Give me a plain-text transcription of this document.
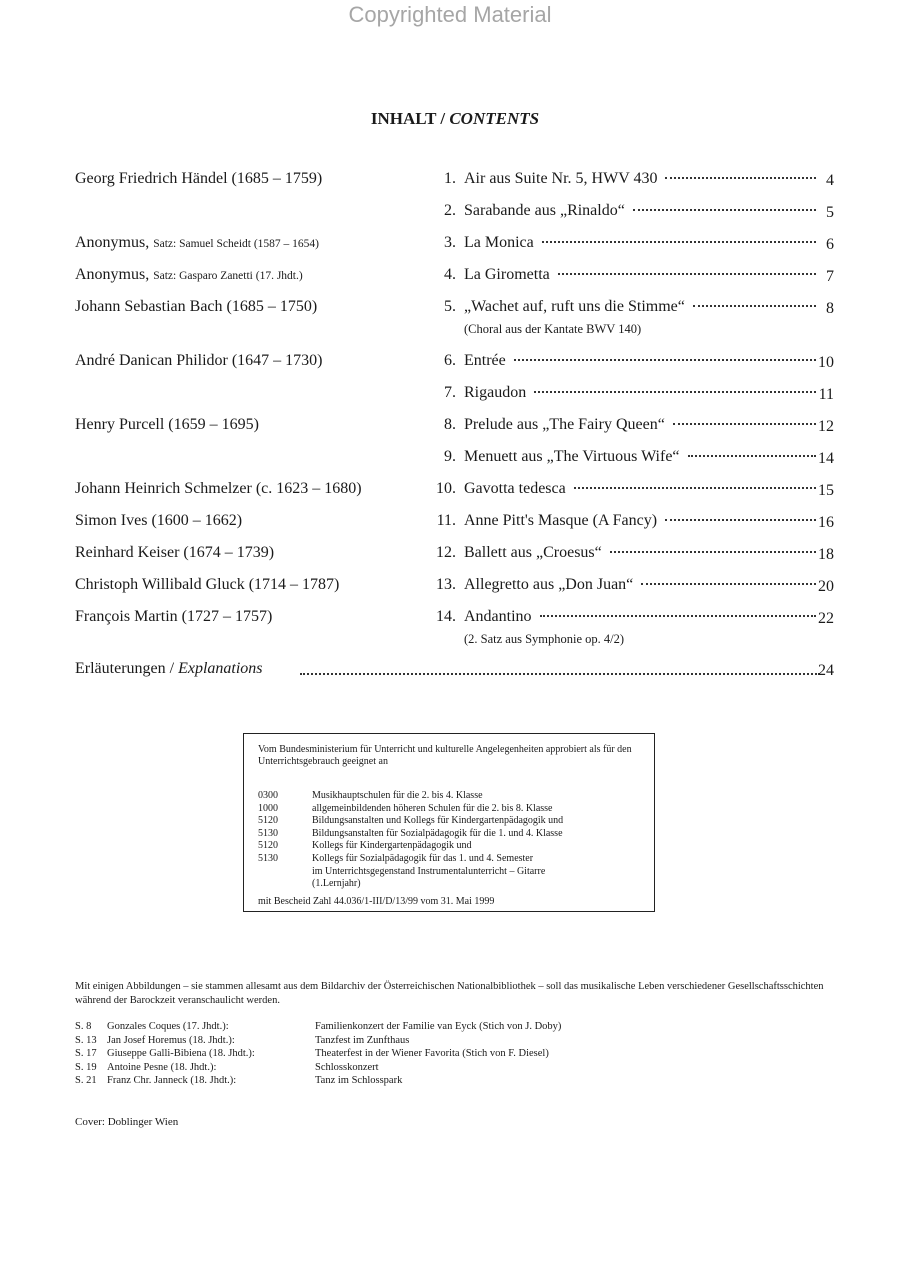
Copyrighted Material
INHALT / CONTENTS
Georg Friedrich Händel (1685 – 1759)	1. Air aus Suite Nr. 5, HWV 430	4
2. Sarabande aus „Rinaldo“	5
Anonymus, Satz: Samuel Scheidt (1587 – 1654)	3. La Monica	6
Anonymus, Satz: Gasparo Zanetti (17. Jhdt.)	4. La Girometta	7
Johann Sebastian Bach (1685 – 1750)	5. „Wachet auf, ruft uns die Stimme“	8
(Choral aus der Kantate BWV 140)
André Danican Philidor (1647 – 1730)	6. Entrée	10
7. Rigaudon	11
Henry Purcell (1659 – 1695)	8. Prelude aus „The Fairy Queen“	12
9. Menuett aus „The Virtuous Wife“	14
Johann Heinrich Schmelzer (c. 1623 – 1680)	10. Gavotta tedesca	15
Simon Ives (1600 – 1662)	11. Anne Pitt's Masque (A Fancy)	16
Reinhard Keiser (1674 – 1739)	12. Ballett aus „Croesus“	18
Christoph Willibald Gluck (1714 – 1787)	13. Allegretto aus „Don Juan“	20
François Martin (1727 – 1757)	14. Andantino	22
(2. Satz aus Symphonie op. 4/2)
Erläuterungen / Explanations	24
Vom Bundesministerium für Unterricht und kulturelle Angelegenheiten approbiert als für den Unterrichtsgebrauch geeignet an
0300	Musikhauptschulen für die 2. bis 4. Klasse
1000	allgemeinbildenden höheren Schulen für die 2. bis 8. Klasse
5120	Bildungsanstalten und Kollegs für Kindergartenpädagogik und
5130	Bildungsanstalten für Sozialpädagogik für die 1. und 4. Klasse
5120	Kollegs für Kindergartenpädagogik und
5130	Kollegs für Sozialpädagogik für das 1. und 4. Semester
im Unterrichtsgegenstand Instrumentalunterricht – Gitarre
(1.Lernjahr)
mit Bescheid Zahl 44.036/1-III/D/13/99 vom 31. Mai 1999
Mit einigen Abbildungen – sie stammen allesamt aus dem Bildarchiv der Österreichischen Nationalbibliothek – soll das musikalische Leben verschiedener Gesellschaftsschichten während der Barockzeit veranschaulicht werden.
S. 8 Gonzales Coques (17. Jhdt.):	Familienkonzert der Familie van Eyck (Stich von J. Doby)
S. 13 Jan Josef Horemus (18. Jhdt.):	Tanzfest im Zunfthaus
S. 17 Giuseppe Galli-Bibiena (18. Jhdt.):	Theaterfest in der Wiener Favorita (Stich von F. Diesel)
S. 19 Antoine Pesne (18. Jhdt.):	Schlosskonzert
S. 21 Franz Chr. Janneck (18. Jhdt.):	Tanz im Schlosspark
Cover: Doblinger Wien
